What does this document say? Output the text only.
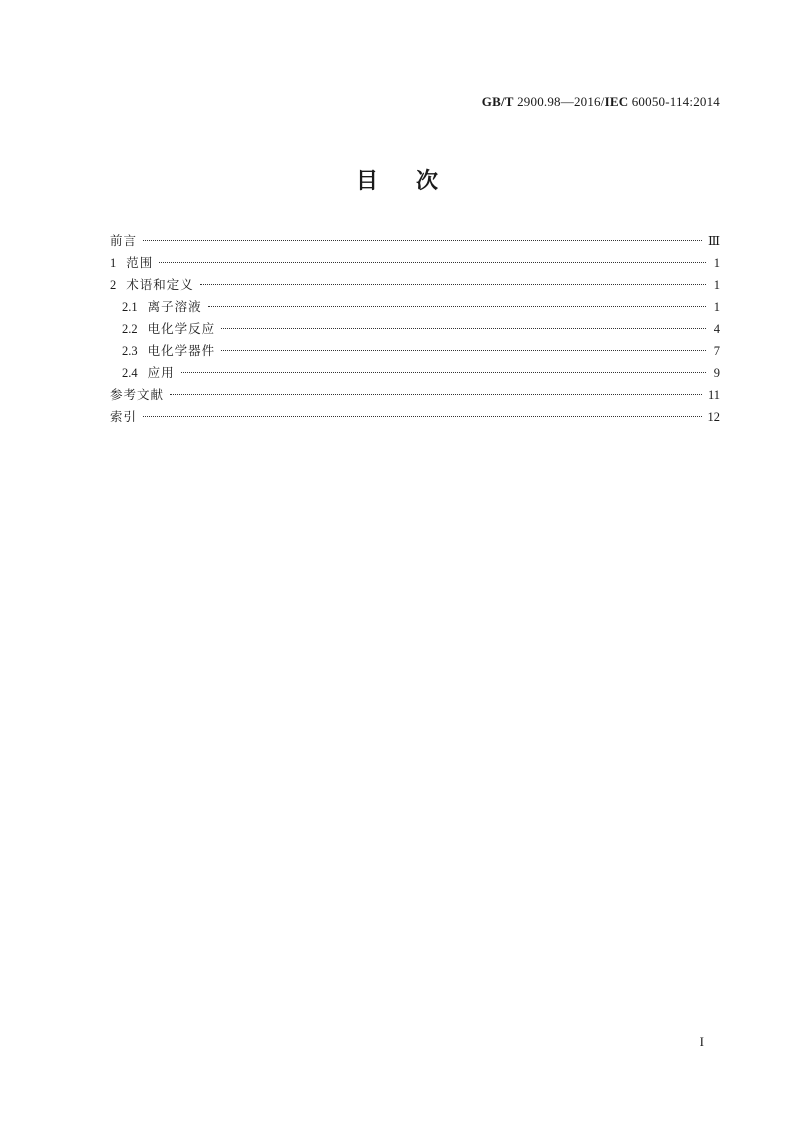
GB/T 2900.98—2016/IEC 60050-114:2014
目次
前言	Ⅲ
1 范围	1
2 术语和定义	1
2.1 离子溶液	1
2.2 电化学反应	4
2.3 电化学器件	7
2.4 应用	9
参考文献	11
索引	12
I
